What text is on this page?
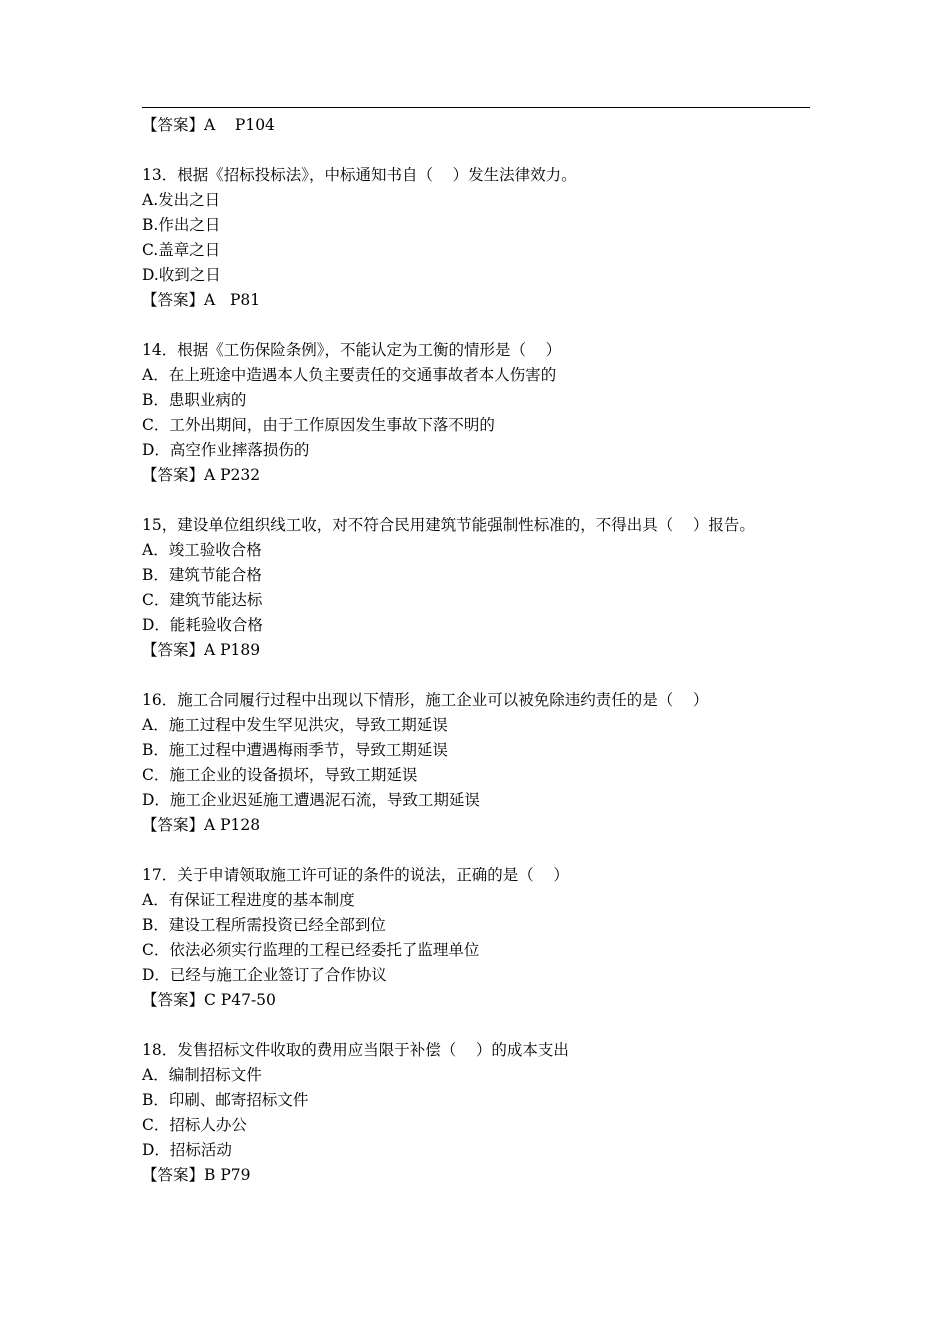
【答案】A    P104
13．根据《招标投标法》，中标通知书自（    ）发生法律效力。
A.发出之日
B.作出之日
C.盖章之日
D.收到之日
【答案】A   P81
14．根据《工伤保险条例》，不能认定为工衡的情形是（    ）
A．在上班途中造遇本人负主要责任的交通事故者本人伤害的
B．患职业病的
C．工外出期间，由于工作原因发生事故下落不明的
D．高空作业摔落损伤的
【答案】A P232
15，建设单位组织线工收，对不符合民用建筑节能强制性标准的，不得出具（    ）报告。
A．竣工验收合格
B．建筑节能合格
C．建筑节能达标
D．能耗验收合格
【答案】A P189
16．施工合同履行过程中出现以下情形，施工企业可以被免除违约责任的是（    ）
A．施工过程中发生罕见洪灾，导致工期延误
B．施工过程中遭遇梅雨季节，导致工期延误
C．施工企业的设备损坏，导致工期延误
D．施工企业迟延施工遭遇泥石流，导致工期延误
【答案】A P128
17．关于申请领取施工许可证的条件的说法，正确的是（    ）
A．有保证工程进度的基本制度
B．建设工程所需投资已经全部到位
C．依法必须实行监理的工程已经委托了监理单位
D．已经与施工企业签订了合作协议
【答案】C P47-50
18．发售招标文件收取的费用应当限于补偿（    ）的成本支出
A．编制招标文件
B．印刷、邮寄招标文件
C．招标人办公
D．招标活动
【答案】B P79
